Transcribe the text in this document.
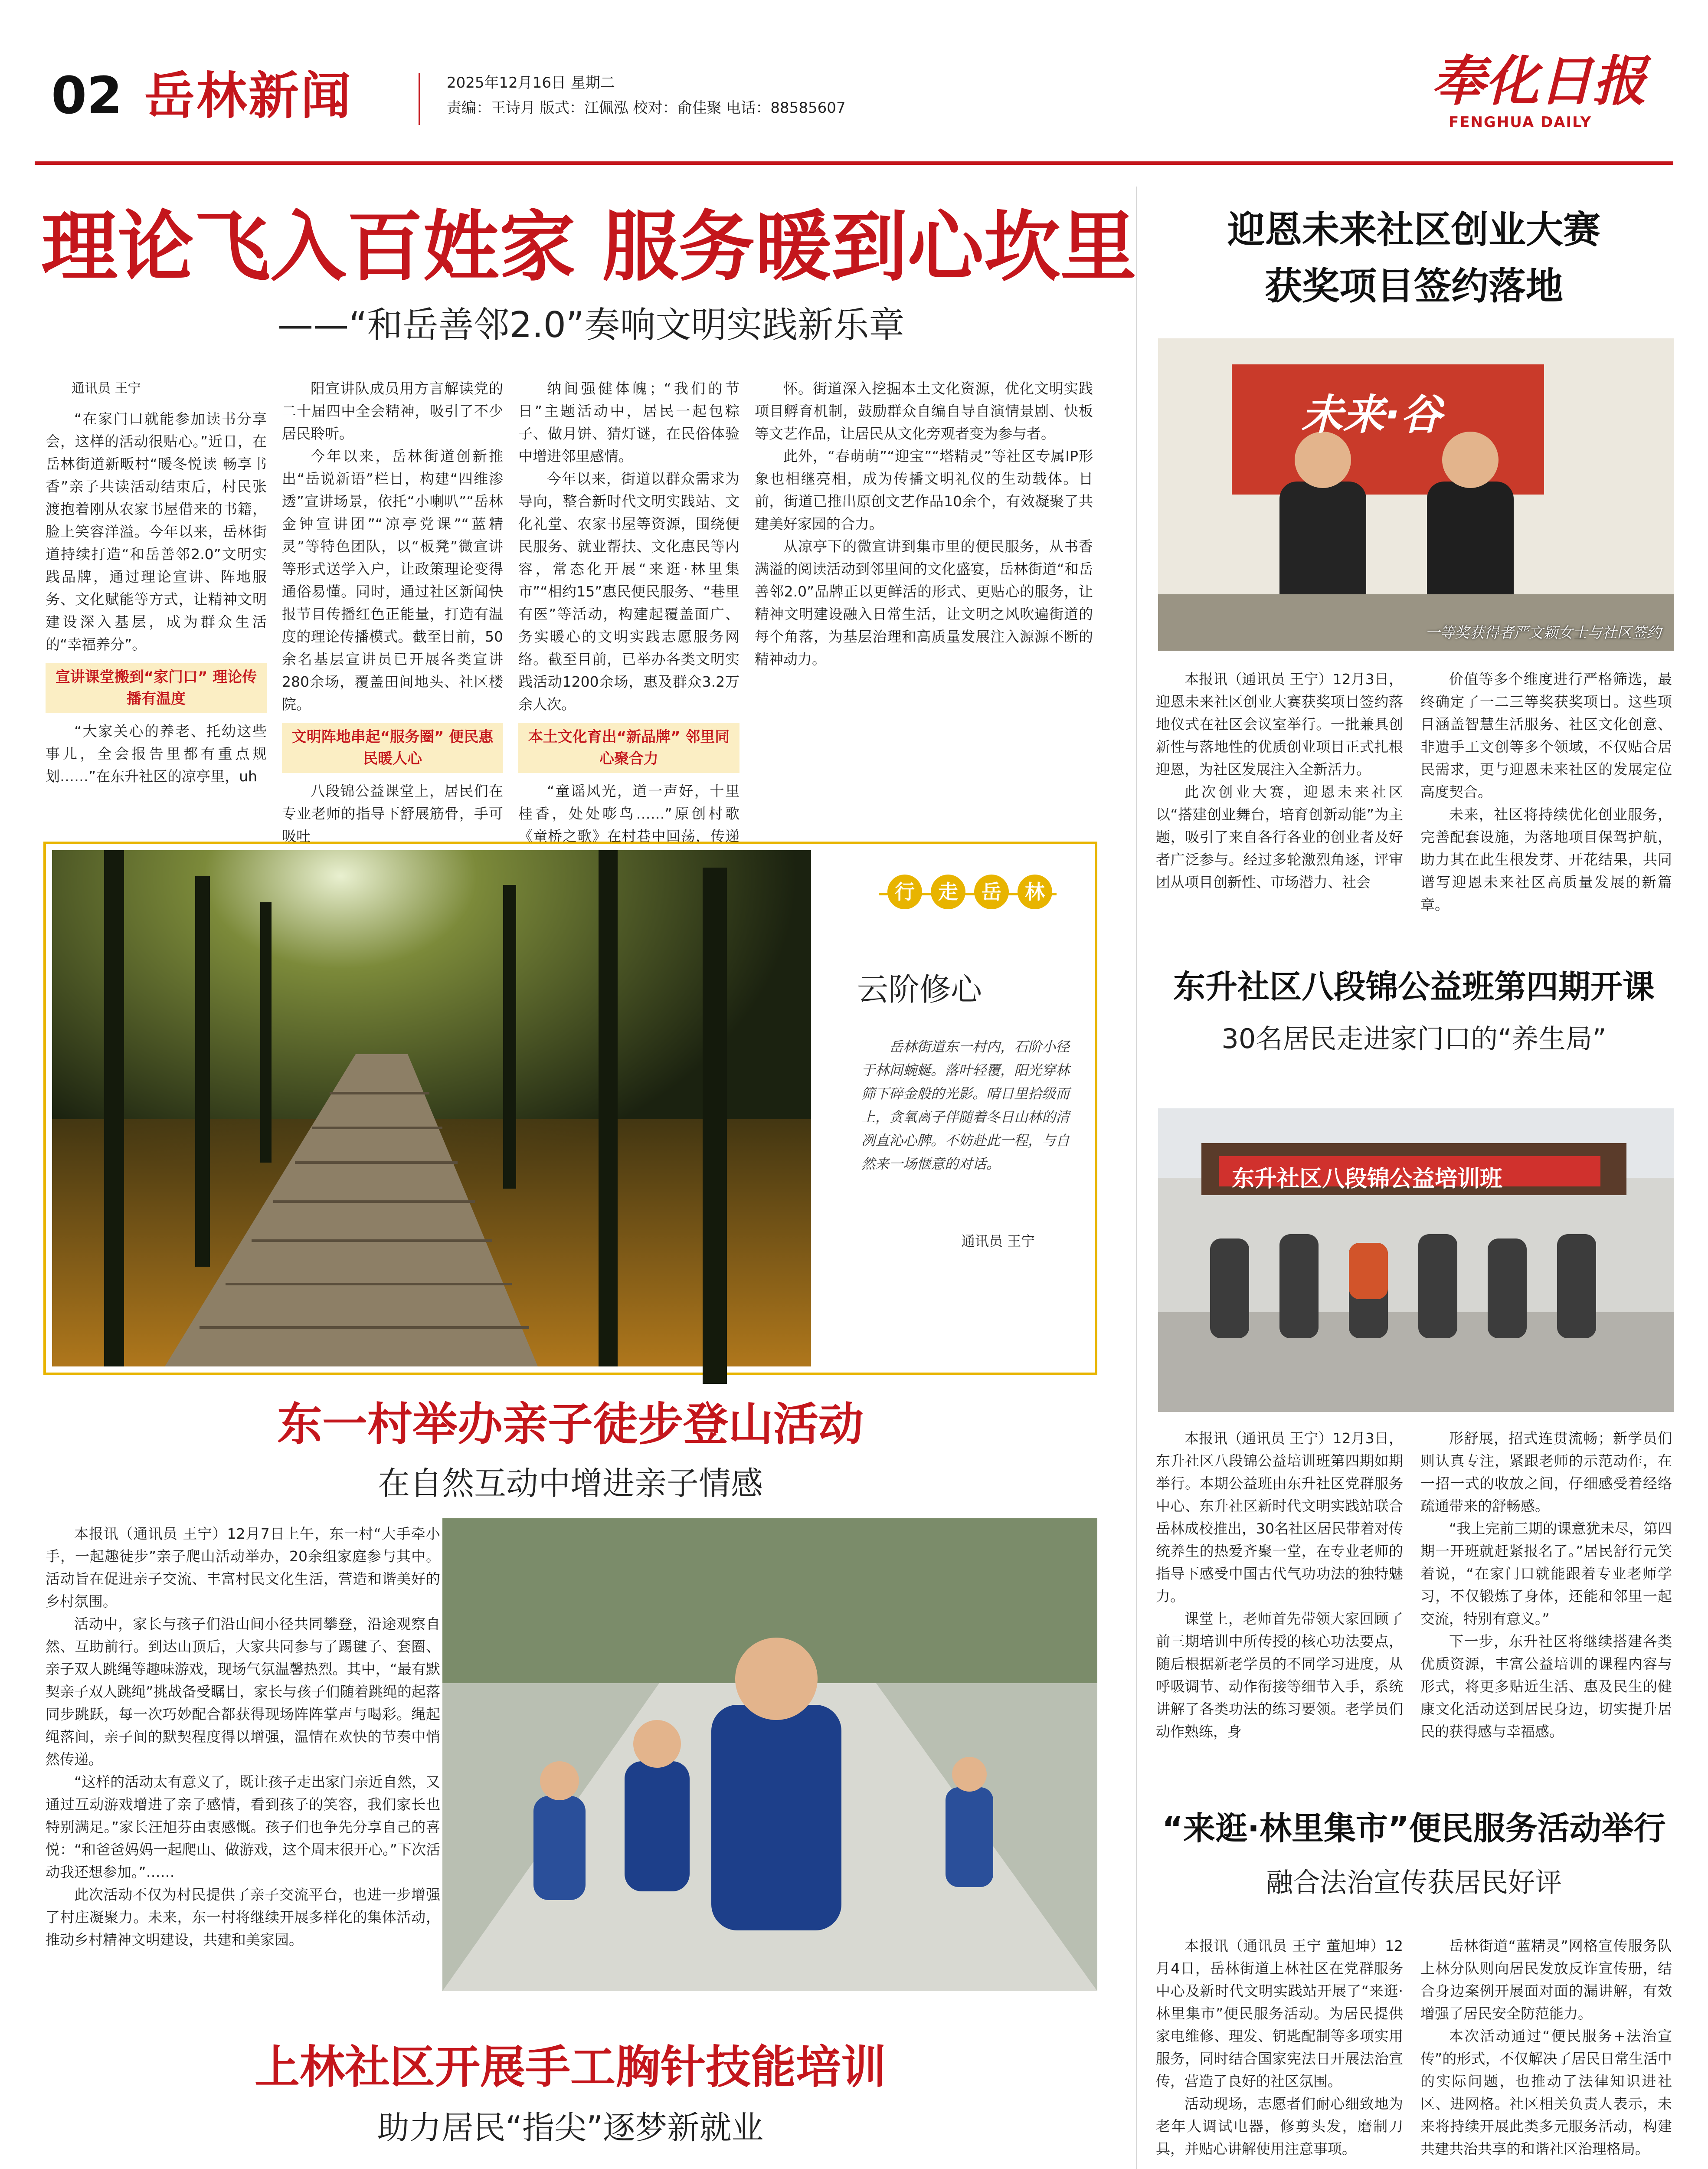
02 岳林新闻	2025年12月16日 星期二
责编：王诗月 版式：江佩泓 校对：俞佳聚 电话：88585607	奉化日报
FENGHUA DAILY
理论飞入百姓家 服务暖到心坎里
——“和岳善邻2.0”奏响文明实践新乐章

通讯员 王宁

“在家门口就能参加读书分享会，这样的活动很贴心。”近日，在岳林街道新畈村“暖冬悦读 畅享书香”亲子共读活动结束后，村民张渡抱着刚从农家书屋借来的书籍，脸上笑容洋溢。今年以来，岳林街道持续打造“和岳善邻2.0”文明实践品牌，通过理论宣讲、阵地服务、文化赋能等方式，让精神文明建设深入基层，成为群众生活的“幸福养分”。

宣讲课堂搬到“家门口” 理论传播有温度

“大家关心的养老、托幼这些事儿，全会报告里都有重点规划……”在东升社区的凉亭里，uh

阳宣讲队成员用方言解读党的二十届四中全会精神，吸引了不少居民聆听。

今年以来，岳林街道创新推出“岳说新语”栏目，构建“四维渗透”宣讲场景，依托“小喇叭”“岳林金钟宣讲团”“凉亭党课”“蓝精灵”等特色团队，以“板凳”微宣讲等形式送学入户，让政策理论变得通俗易懂。同时，通过社区新闻快报节目传播红色正能量，打造有温度的理论传播模式。截至目前，50余名基层宣讲员已开展各类宣讲280余场，覆盖田间地头、社区楼院。

文明阵地串起“服务圈” 便民惠民暖人心

八段锦公益课堂上，居民们在专业老师的指导下舒展筋骨，手可吸吐

纳间强健体魄；“我们的节日”主题活动中，居民一起包粽子、做月饼、猜灯谜，在民俗体验中增进邻里感情。

今年以来，街道以群众需求为导向，整合新时代文明实践站、文化礼堂、农家书屋等资源，围绕便民服务、就业帮扶、文化惠民等内容，常态化开展“来逛·林里集市”“相约15”惠民便民服务、“巷里有医”等活动，构建起覆盖面广、务实暖心的文明实践志愿服务网络。截至目前，已举办各类文明实践活动1200余场，惠及群众3.2万余人次。

本土文化育出“新品牌” 邻里同心聚合力

“童谣风光，道一声好，十里桂香，处处嘭鸟……”原创村歌《童桥之歌》在村巷中回荡，传递

怀。街道深入挖掘本土文化资源，优化文明实践项目孵育机制，鼓励群众自编自导自演情景剧、快板等文艺作品，让居民从文化旁观者变为参与者。

此外，“春萌萌”“迎宝”“塔精灵”等社区专属IP形象也相继亮相，成为传播文明礼仪的生动载体。目前，街道已推出原创文艺作品10余个，有效凝聚了共建美好家园的合力。

从凉亭下的微宣讲到集市里的便民服务，从书香满溢的阅读活动到邻里间的文化盛宴，岳林街道“和岳善邻2.0”品牌正以更鲜活的形式、更贴心的服务，让精神文明建设融入日常生活，让文明之风吹遍街道的每个角落，为基层治理和高质量发展注入源源不断的精神动力。

行	走	岳	林
云阶修心
岳林街道东一村内，石阶小径于林间蜿蜒。落叶轻覆，阳光穿林筛下碎金般的光影。晴日里拾级而上，贪氧离子伴随着冬日山林的清冽直沁心脾。不妨赴此一程，与自然来一场惬意的对话。
通讯员 王宁
东一村举办亲子徒步登山活动
在自然互动中增进亲子情感

本报讯（通讯员 王宁）12月7日上午，东一村“大手牵小手，一起趣徒步”亲子爬山活动举办，20余组家庭参与其中。活动旨在促进亲子交流、丰富村民文化生活，营造和谐美好的乡村氛围。

活动中，家长与孩子们沿山间小径共同攀登，沿途观察自然、互助前行。到达山顶后，大家共同参与了踢毽子、套圈、亲子双人跳绳等趣味游戏，现场气氛温馨热烈。其中，“最有默契亲子双人跳绳”挑战备受瞩目，家长与孩子们随着跳绳的起落同步跳跃，每一次巧妙配合都获得现场阵阵掌声与喝彩。绳起绳落间，亲子间的默契程度得以增强，温情在欢快的节奏中悄然传递。

“这样的活动太有意义了，既让孩子走出家门亲近自然，又通过互动游戏增进了亲子感情，看到孩子的笑容，我们家长也特别满足。”家长汪旭芬由衷感慨。孩子们也争先分享自己的喜悦：“和爸爸妈妈一起爬山、做游戏，这个周末很开心。”下次活动我还想参加。”……

此次活动不仅为村民提供了亲子交流平台，也进一步增强了村庄凝聚力。未来，东一村将继续开展多样化的集体活动，推动乡村精神文明建设，共建和美家园。

上林社区开展手工胸针技能培训
助力居民“指尖”逐梦新就业

迎恩未来社区创业大赛
获奖项目签约落地
未来·谷
一等奖获得者严文颖女士与社区签约

本报讯（通讯员 王宁）12月3日，迎恩未来社区创业大赛获奖项目签约落地仪式在社区会议室举行。一批兼具创新性与落地性的优质创业项目正式扎根迎恩，为社区发展注入全新活力。

此次创业大赛，迎恩未来社区以“搭建创业舞台，培育创新动能”为主题，吸引了来自各行各业的创业者及好者广泛参与。经过多轮激烈角逐，评审团从项目创新性、市场潜力、社会

价值等多个维度进行严格筛选，最终确定了一二三等奖获奖项目。这些项目涵盖智慧生活服务、社区文化创意、非遗手工文创等多个领域，不仅贴合居民需求，更与迎恩未来社区的发展定位高度契合。

未来，社区将持续优化创业服务，完善配套设施，为落地项目保驾护航，助力其在此生根发芽、开花结果，共同谱写迎恩未来社区高质量发展的新篇章。

东升社区八段锦公益班第四期开课
30名居民走进家门口的“养生局”
东升社区八段锦公益培训班

本报讯（通讯员 王宁）12月3日，东升社区八段锦公益培训班第四期如期举行。本期公益班由东升社区党群服务中心、东升社区新时代文明实践站联合岳林成校推出，30名社区居民带着对传统养生的热爱齐聚一堂，在专业老师的指导下感受中国古代气功功法的独特魅力。

课堂上，老师首先带领大家回顾了前三期培训中所传授的核心功法要点，随后根据新老学员的不同学习进度，从呼吸调节、动作衔接等细节入手，系统讲解了各类功法的练习要领。老学员们动作熟练，身

形舒展，招式连贯流畅；新学员们则认真专注，紧跟老师的示范动作，在一招一式的收放之间，仔细感受着经络疏通带来的舒畅感。

“我上完前三期的课意犹未尽，第四期一开班就赶紧报名了。”居民舒行元笑着说，“在家门口就能跟着专业老师学习，不仅锻炼了身体，还能和邻里一起交流，特别有意义。”

下一步，东升社区将继续搭建各类优质资源，丰富公益培训的课程内容与形式，将更多贴近生活、惠及民生的健康文化活动送到居民身边，切实提升居民的获得感与幸福感。

“来逛·林里集市”便民服务活动举行
融合法治宣传获居民好评

本报讯（通讯员 王宁 董旭坤）12月4日，岳林街道上林社区在党群服务中心及新时代文明实践站开展了“来逛·林里集市”便民服务活动。为居民提供家电维修、理发、钥匙配制等多项实用服务，同时结合国家宪法日开展法治宣传，营造了良好的社区氛围。

活动现场，志愿者们耐心细致地为老年人调试电器，修剪头发，磨制刀具，并贴心讲解使用注意事项。

岳林街道“蓝精灵”网格宣传服务队上林分队则向居民发放反诈宣传册，结合身边案例开展面对面的漏讲解，有效增强了居民安全防范能力。

本次活动通过“便民服务+法治宣传”的形式，不仅解决了居民日常生活中的实际问题，也推动了法律知识进社区、进网格。社区相关负责人表示，未来将持续开展此类多元服务活动，构建共建共治共享的和谐社区治理格局。
